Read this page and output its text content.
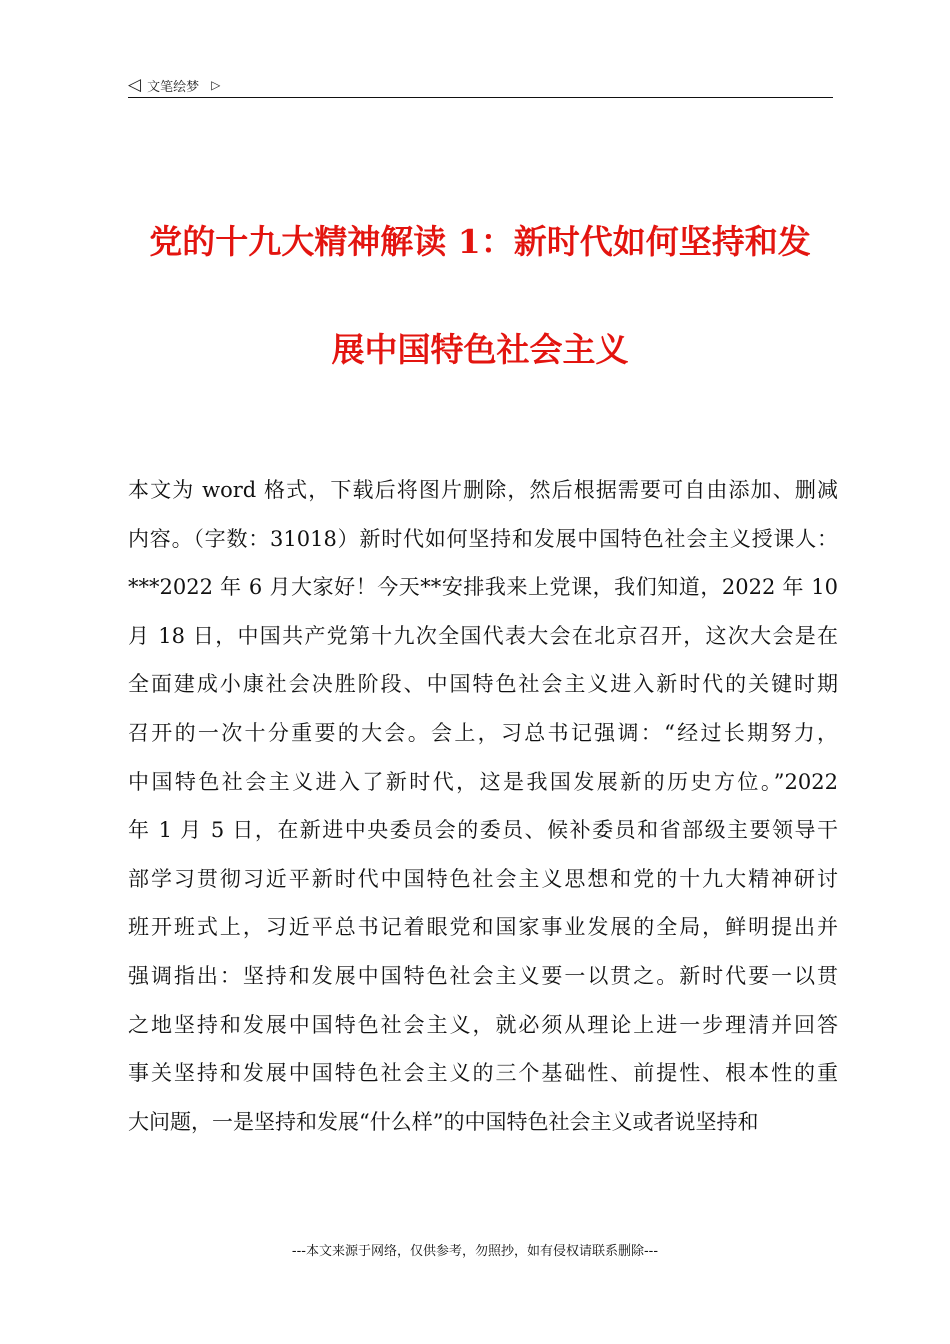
◁ 文笔绘梦 ▷
党的十九大精神解读 1：新时代如何坚持和发
展中国特色社会主义

本文为 word 格式，下载后将图片删除，然后根据需要可自由添加、删减
内容。（字数：31018）新时代如何坚持和发展中国特色社会主义授课人：
***2022 年 6 月大家好！今天**安排我来上党课，我们知道，2022 年 10
月 18 日，中国共产党第十九次全国代表大会在北京召开，这次大会是在
全面建成小康社会决胜阶段、中国特色社会主义进入新时代的关键时期
召开的一次十分重要的大会。会上，习总书记强调：“经过长期努力，
中国特色社会主义进入了新时代，这是我国发展新的历史方位。”2022
年 1 月 5 日，在新进中央委员会的委员、候补委员和省部级主要领导干
部学习贯彻习近平新时代中国特色社会主义思想和党的十九大精神研讨
班开班式上，习近平总书记着眼党和国家事业发展的全局，鲜明提出并
强调指出：坚持和发展中国特色社会主义要一以贯之。新时代要一以贯
之地坚持和发展中国特色社会主义，就必须从理论上进一步理清并回答
事关坚持和发展中国特色社会主义的三个基础性、前提性、根本性的重
大问题，一是坚持和发展“什么样”的中国特色社会主义或者说坚持和

---本文来源于网络，仅供参考，勿照抄，如有侵权请联系删除---
